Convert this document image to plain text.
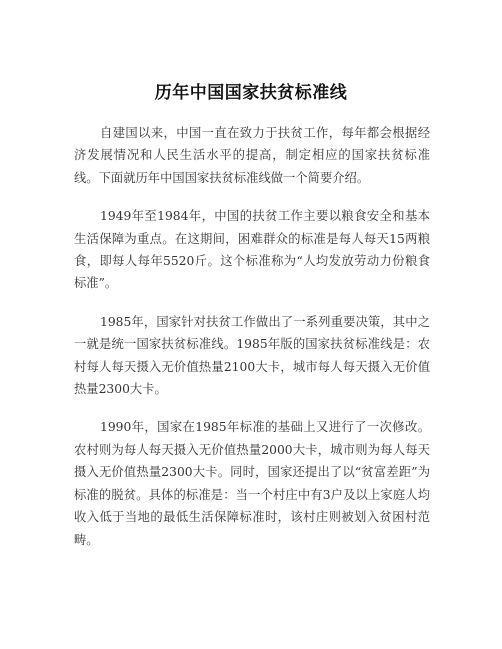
历年中国国家扶贫标准线

自建国以来，中国一直在致力于扶贫工作，每年都会根据经济发展情况和人民生活水平的提高，制定相应的国家扶贫标准线。下面就历年中国国家扶贫标准线做一个简要介绍。

1949年至1984年，中国的扶贫工作主要以粮食安全和基本生活保障为重点。在这期间，困难群众的标准是每人每天15两粮食，即每人每年5520斤。这个标准称为“人均发放劳动力份粮食标准”。

1985年，国家针对扶贫工作做出了一系列重要决策，其中之一就是统一国家扶贫标准线。1985年版的国家扶贫标准线是：农村每人每天摄入无价值热量2100大卡，城市每人每天摄入无价值热量2300大卡。

1990年，国家在1985年标准的基础上又进行了一次修改。农村则为每人每天摄入无价值热量2000大卡，城市则为每人每天摄入无价值热量2300大卡。同时，国家还提出了以“贫富差距”为标准的脱贫。具体的标准是：当一个村庄中有3户及以上家庭人均收入低于当地的最低生活保障标准时，该村庄则被划入贫困村范畴。
